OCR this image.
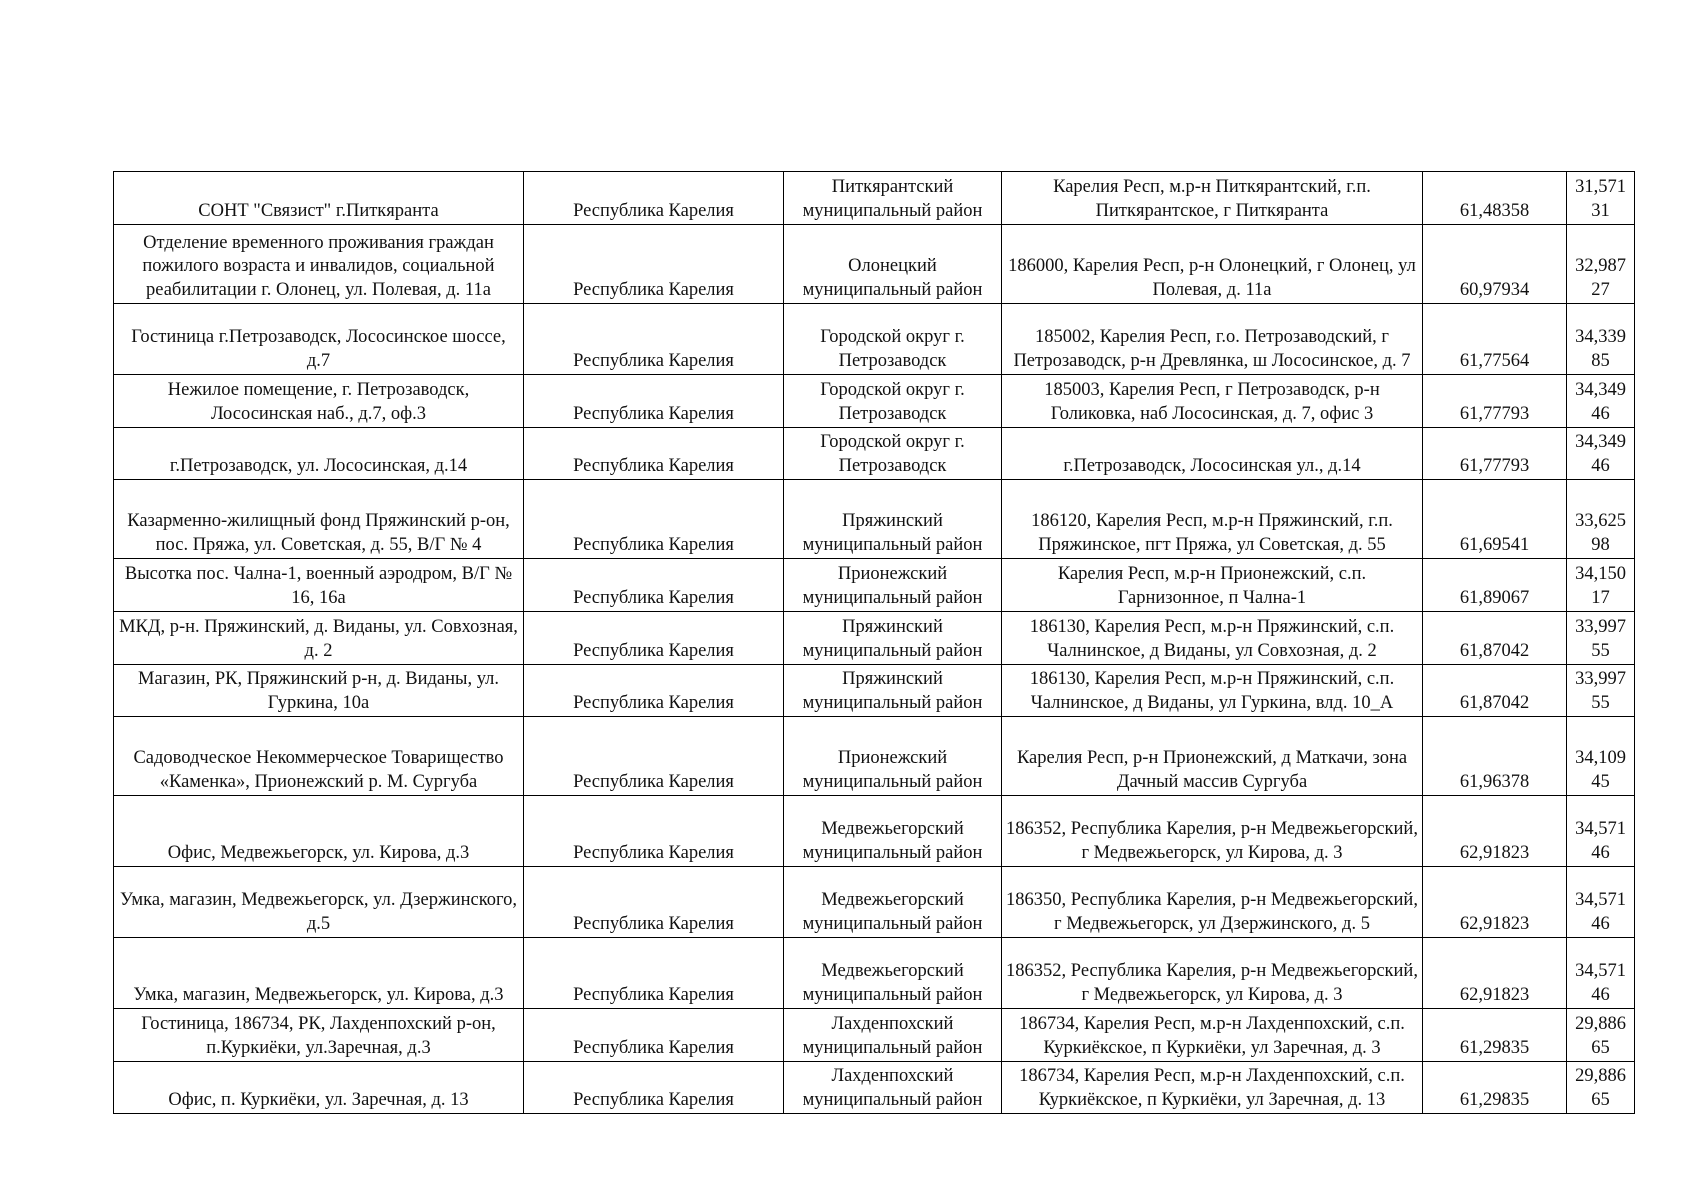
СОНТ "Связист" г.Питкяранта	Республика Карелия	Питкярантский муниципальный район	Карелия Респ, м.р-н Питкярантский, г.п. Питкярантское, г Питкяранта	61,48358	31,57131
Отделение временного проживания граждан пожилого возраста и инвалидов, социальной реабилитации г. Олонец, ул. Полевая, д. 11а	Республика Карелия	Олонецкий муниципальный район	186000, Карелия Респ, р-н Олонецкий, г Олонец, ул Полевая, д. 11а	60,97934	32,98727
Гостиница г.Петрозаводск, Лососинское шоссе, д.7	Республика Карелия	Городской округ г. Петрозаводск	185002, Карелия Респ, г.о. Петрозаводский, г Петрозаводск, р-н Древлянка, ш Лососинское, д. 7	61,77564	34,33985
Нежилое помещение, г. Петрозаводск, Лососинская наб., д.7, оф.3	Республика Карелия	Городской округ г. Петрозаводск	185003, Карелия Респ, г Петрозаводск, р-н Голиковка, наб Лососинская, д. 7, офис 3	61,77793	34,34946
г.Петрозаводск, ул. Лососинская, д.14	Республика Карелия	Городской округ г. Петрозаводск	г.Петрозаводск, Лососинская ул., д.14	61,77793	34,34946
Казарменно-жилищный фонд Пряжинский р-он, пос. Пряжа, ул. Советская, д. 55, В/Г № 4	Республика Карелия	Пряжинский муниципальный район	186120, Карелия Респ, м.р-н Пряжинский, г.п. Пряжинское, пгт Пряжа, ул Советская, д. 55	61,69541	33,62598
Высотка пос. Чална-1, военный аэродром, В/Г № 16, 16а	Республика Карелия	Прионежский муниципальный район	Карелия Респ, м.р-н Прионежский, с.п. Гарнизонное, п Чална-1	61,89067	34,15017
МКД, р-н. Пряжинский, д. Виданы, ул. Совхозная, д. 2	Республика Карелия	Пряжинский муниципальный район	186130, Карелия Респ, м.р-н Пряжинский, с.п. Чалнинское, д Виданы, ул Совхозная, д. 2	61,87042	33,99755
Магазин, РК, Пряжинский р-н, д. Виданы, ул. Гуркина, 10а	Республика Карелия	Пряжинский муниципальный район	186130, Карелия Респ, м.р-н Пряжинский, с.п. Чалнинское, д Виданы, ул Гуркина, влд. 10_А	61,87042	33,99755
Садоводческое Некоммерческое Товарищество «Каменка», Прионежский р. М. Сургуба	Республика Карелия	Прионежский муниципальный район	Карелия Респ, р-н Прионежский, д Маткачи, зона Дачный массив Сургуба	61,96378	34,10945
Офис, Медвежьегорск, ул. Кирова, д.3	Республика Карелия	Медвежьегорский муниципальный район	186352, Республика Карелия, р-н Медвежьегорский, г Медвежьегорск, ул Кирова, д. 3	62,91823	34,57146
Умка, магазин, Медвежьегорск, ул. Дзержинского, д.5	Республика Карелия	Медвежьегорский муниципальный район	186350, Республика Карелия, р-н Медвежьегорский, г Медвежьегорск, ул Дзержинского, д. 5	62,91823	34,57146
Умка, магазин, Медвежьегорск, ул. Кирова, д.3	Республика Карелия	Медвежьегорский муниципальный район	186352, Республика Карелия, р-н Медвежьегорский, г Медвежьегорск, ул Кирова, д. 3	62,91823	34,57146
Гостиница, 186734, РК, Лахденпохский р-он, п.Куркиёки, ул.Заречная, д.3	Республика Карелия	Лахденпохский муниципальный район	186734, Карелия Респ, м.р-н Лахденпохский, с.п. Куркиёкское, п Куркиёки, ул Заречная, д. 3	61,29835	29,88665
Офис, п. Куркиёки, ул. Заречная, д. 13	Республика Карелия	Лахденпохский муниципальный район	186734, Карелия Респ, м.р-н Лахденпохский, с.п. Куркиёкское, п Куркиёки, ул Заречная, д. 13	61,29835	29,88665
